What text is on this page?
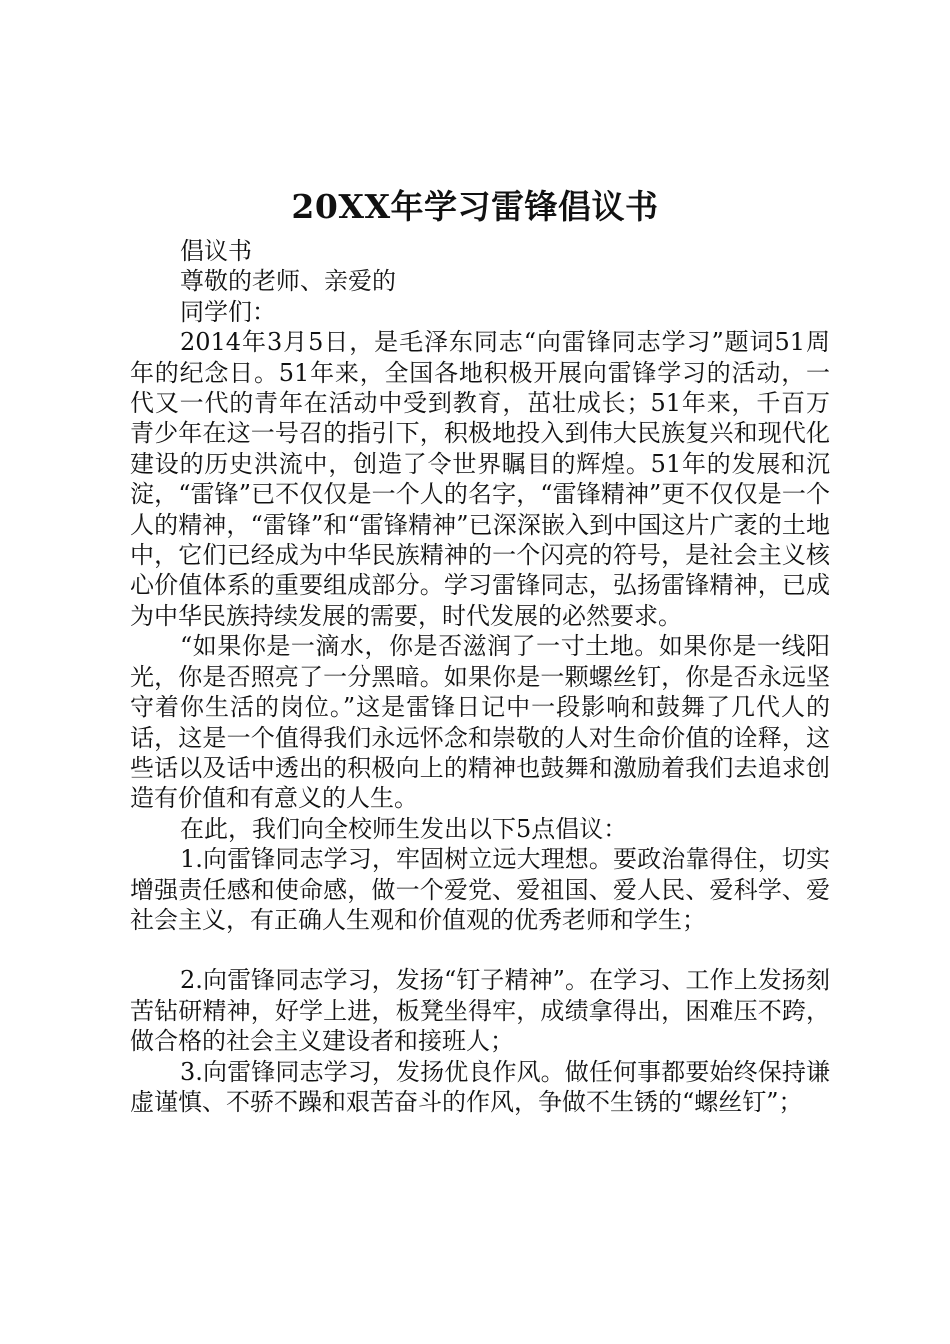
20XX年学习雷锋倡议书
倡议书
尊敬的老师、亲爱的
同学们：

2014年3月5日，是毛泽东同志“向雷锋同志学习”题词51周年的纪念日。51年来，全国各地积极开展向雷锋学习的活动，一代又一代的青年在活动中受到教育，茁壮成长；51年来，千百万青少年在这一号召的指引下，积极地投入到伟大民族复兴和现代化建设的历史洪流中，创造了令世界瞩目的辉煌。51年的发展和沉淀，“雷锋”已不仅仅是一个人的名字，“雷锋精神”更不仅仅是一个人的精神，“雷锋”和“雷锋精神”已深深嵌入到中国这片广袤的土地中，它们已经成为中华民族精神的一个闪亮的符号，是社会主义核心价值体系的重要组成部分。学习雷锋同志，弘扬雷锋精神，已成为中华民族持续发展的需要，时代发展的必然要求。

“如果你是一滴水，你是否滋润了一寸土地。如果你是一线阳光，你是否照亮了一分黑暗。如果你是一颗螺丝钉，你是否永远坚守着你生活的岗位。”这是雷锋日记中一段影响和鼓舞了几代人的话，这是一个值得我们永远怀念和崇敬的人对生命价值的诠释，这些话以及话中透出的积极向上的精神也鼓舞和激励着我们去追求创造有价值和有意义的人生。

在此，我们向全校师生发出以下5点倡议：

1.向雷锋同志学习，牢固树立远大理想。要政治靠得住，切实增强责任感和使命感，做一个爱党、爱祖国、爱人民、爱科学、爱社会主义，有正确人生观和价值观的优秀老师和学生；

2.向雷锋同志学习，发扬“钉子精神”。在学习、工作上发扬刻苦钻研精神，好学上进，板凳坐得牢，成绩拿得出，困难压不跨，做合格的社会主义建设者和接班人；

3.向雷锋同志学习，发扬优良作风。做任何事都要始终保持谦虚谨慎、不骄不躁和艰苦奋斗的作风，争做不生锈的“螺丝钉”；
